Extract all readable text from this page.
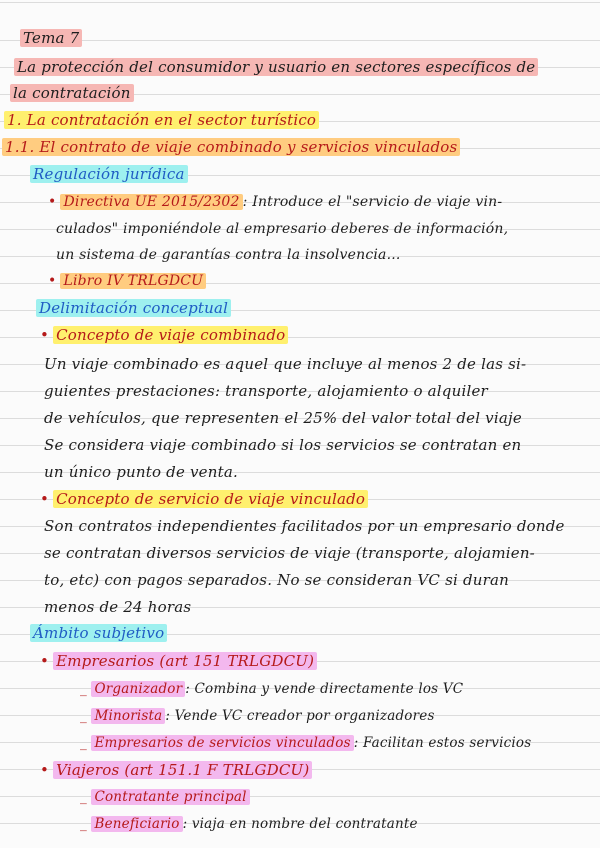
Tema 7
La protección del consumidor y usuario en sectores específicos de
la contratación
1. La contratación en el sector turístico
1.1. El contrato de viaje combinado y servicios vinculados
Regulación jurídica
• Directiva UE 2015/2302 : Introduce el "servicio de viaje vin-
culados" imponiéndole al empresario deberes de información,
un sistema de garantías contra la insolvencia...
• Libro IV TRLGDCU
Delimitación conceptual
• Concepto de viaje combinado
Un viaje combinado es aquel que incluye al menos 2 de las si-
guientes prestaciones: transporte, alojamiento o alquiler
de vehículos, que representen el 25% del valor total del viaje
Se considera viaje combinado si los servicios se contratan en
un único punto de venta.
• Concepto de servicio de viaje vinculado
Son contratos independientes facilitados por un empresario donde
se contratan diversos servicios de viaje (transporte, alojamien-
to, etc) con pagos separados. No se consideran VC si duran
menos de 24 horas
Ámbito subjetivo
• Empresarios (art 151 TRLGDCU)
_ Organizador : Combina y vende directamente los VC
_ Minorista : Vende VC creador por organizadores
_ Empresarios de servicios vinculados : Facilitan estos servicios
• Viajeros (art 151.1 F TRLGDCU)
_ Contratante principal
_ Beneficiario : viaja en nombre del contratante
